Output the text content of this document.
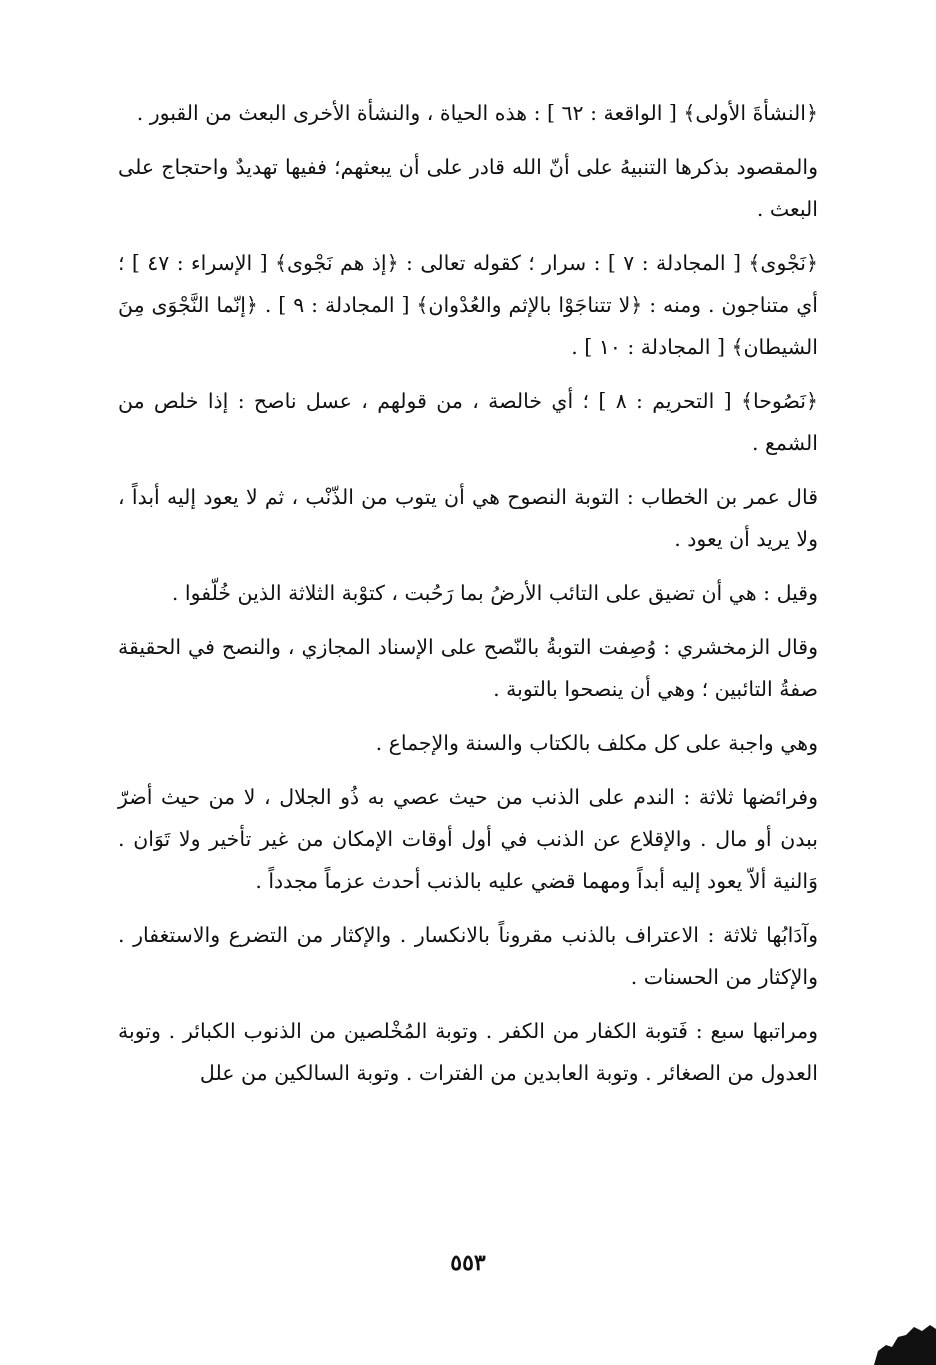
﴿النشأةَ الأولى﴾ [ الواقعة : ٦٢ ] : هذه الحياة ، والنشأة الأخرى البعث من القبور .

والمقصود بذكرها التنبيهُ على أنّ الله قادر على أن يبعثهم؛ ففيها تهديدٌ واحتجاج على البعث .

﴿نَجْوى﴾ [ المجادلة : ٧ ] : سرار ؛ كقوله تعالى : ﴿إذ هم نَجْوى﴾ [ الإسراء : ٤٧ ] ؛ أي متناجون . ومنه : ﴿لا تتناجَوْا بالإثم والعُدْوان﴾ [ المجادلة : ٩ ] . ﴿إنّما النَّجْوَى مِنَ الشيطان﴾ [ المجادلة : ١٠ ] .

﴿نَصُوحا﴾ [ التحريم : ٨ ] ؛ أي خالصة ، من قولهم ، عسل ناصح : إذا خلص من الشمع .

قال عمر بن الخطاب : التوبة النصوح هي أن يتوب من الذّنْب ، ثم لا يعود إليه أبداً ، ولا يريد أن يعود .

وقيل : هي أن تضيق على التائب الأرضُ بما رَحُبت ، كتوْبة الثلاثة الذين خُلّفوا .

وقال الزمخشري : وُصِفت التوبةُ بالنّصح على الإسناد المجازي ، والنصح في الحقيقة صفةُ التائبين ؛ وهي أن ينصحوا بالتوبة .

وهي واجبة على كل مكلف بالكتاب والسنة والإجماع .

وفرائضها ثلاثة : الندم على الذنب من حيث عصي به ذُو الجلال ، لا من حيث أضرّ ببدن أو مال . والإقلاع عن الذنب في أول أوقات الإمكان من غير تأخير ولا تَوَان . وَالنية ألاّ يعود إليه أبداً ومهما قضي عليه بالذنب أحدث عزماً مجدداً .

وآدَابُها ثلاثة : الاعتراف بالذنب مقروناً بالانكسار . والإكثار من التضرع والاستغفار . والإكثار من الحسنات .

ومراتبها سبع : فَتوبة الكفار من الكفر . وتوبة المُخْلصين من الذنوب الكبائر . وتوبة العدول من الصغائر . وتوبة العابدين من الفترات . وتوبة السالكين من علل

٥٥٣
